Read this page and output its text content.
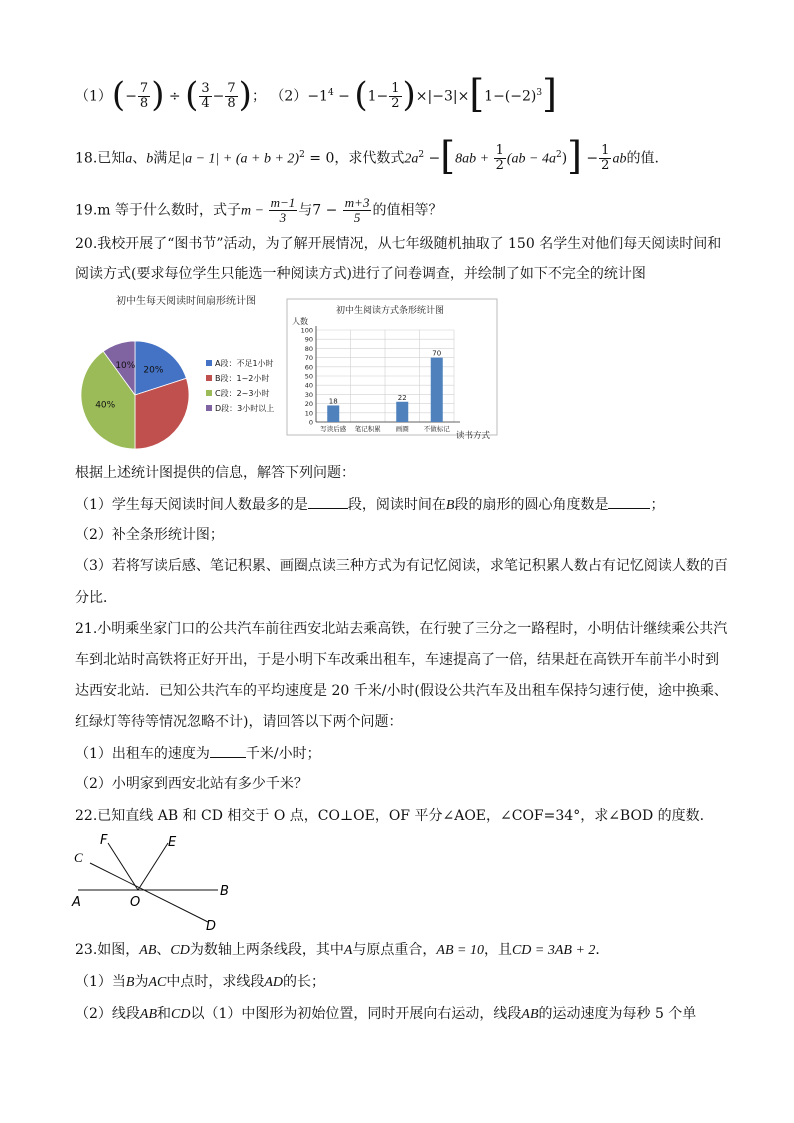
$(1)(- \frac{7}{8}$ ) ÷ ( $\frac{3}{4} - \frac{7}{8}$ )； $(2)-1^4 - (1- \frac{1}{2} )\times|-3|\times[1-(-2)^3]$
18.已知a、b满足$|a - 1| + (a + b + 2)^2 = 0$，求代数式$2a^2 -[8ab + \frac{1}{2} (ab - 4a^2)] - \frac{1}{2}$ ab的值.
19.m 等于什么数时，式子$m - \frac{m-1}{3}$ 与$7 - \frac{m+3}{5}$ 的值相等？
20.我校开展了“图书节”活动，为了解开展情况，从七年级随机抽取了 150 名学生对他们每天阅读时间和
阅读方式(要求每位学生只能选一种阅读方式)进行了问卷调查，并绘制了如下不完全的统计图
初中生每天阅读时间扇形统计图
20%
40%
10%	A段：不足1小时
B段：1~2小时
C段：2~3小时
D段：3小时以上
初中生阅读方式条形统计图
人数
0
10
20
30
40
50
60
70
80
90
100
18
写读后感 笔记积累
22
画圈
70
不做标记
读书方式
根据上述统计图提供的信息，解答下列问题：
（1）学生每天阅读时间人数最多的是	段，阅读时间在B段的扇形的圆心角度数是	；
（2）补全条形统计图；
（3）若将写读后感、笔记积累、画圈点读三种方式为有记忆阅读，求笔记积累人数占有记忆阅读人数的百
分比．
21.小明乘坐家门口的公共汽车前往西安北站去乘高铁，在行驶了三分之一路程时，小明估计继续乘公共汽
车到北站时高铁将正好开出，于是小明下车改乘出租车，车速提高了一倍，结果赶在高铁开车前半小时到
达西安北站．已知公共汽车的平均速度是 20 千米/小时(假设公共汽车及出租车保持匀速行使，途中换乘、
红绿灯等待等情况忽略不计)，请回答以下两个问题：
（1）出租车的速度为	千米/小时；
（2）小明家到西安北站有多少千米？
22.已知直线 AB 和 CD 相交于 O 点，CO⊥OE，OF 平分∠AOE，∠COF=34°，求∠BOD 的度数.
C
F	E
B
A	O
D
23.如图，AB、CD为数轴上两条线段，其中A与原点重合，AB = 10，且CD = 3AB + 2．
（1）当B为AC中点时，求线段AD的长；
（2）线段AB和CD以（1）中图形为初始位置，同时开展向右运动，线段AB的运动速度为每秒 5 个单
